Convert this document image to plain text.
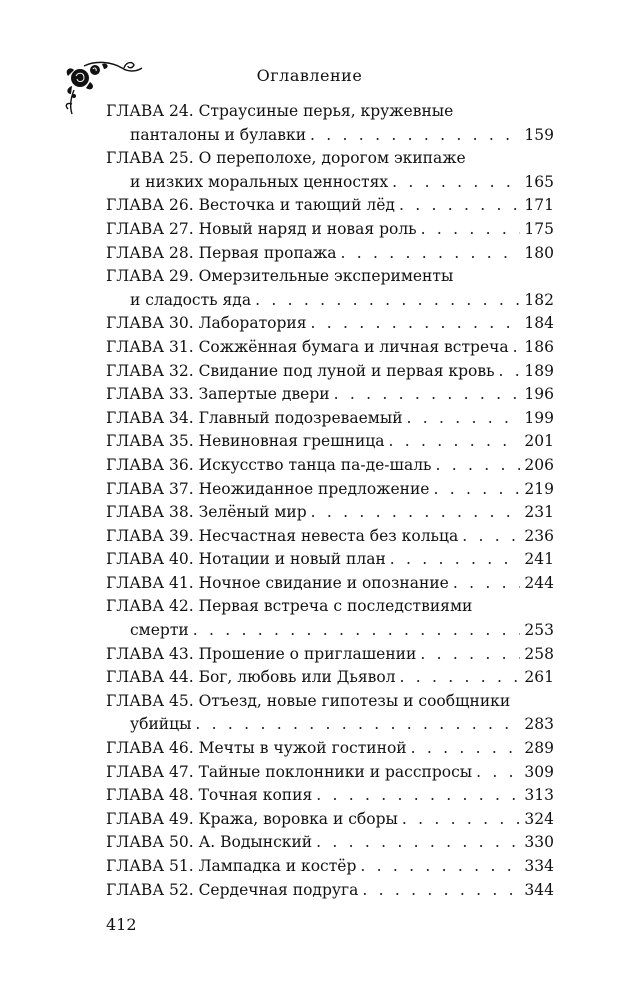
Оглавление
ГЛАВА 24. Страусиные перья, кружевные
панталоны и булавки . . .	159
ГЛАВА 25. О переполохе, дорогом экипаже
и низких моральных ценностях . . .	165
ГЛАВА 26. Весточка и тающий лёд . . .	171
ГЛАВА 27. Новый наряд и новая роль . . .	175
ГЛАВА 28. Первая пропажа . . .	180
ГЛАВА 29. Омерзительные эксперименты
и сладость яда . . .	182
ГЛАВА 30. Лаборатория . . .	184
ГЛАВА 31. Сожжённая бумага и личная встреча . . . 186
ГЛАВА 32. Свидание под луной и первая кровь . . . 189
ГЛАВА 33. Запертые двери . . .	196
ГЛАВА 34. Главный подозреваемый . . .	199
ГЛАВА 35. Невиновная грешница . . .	201
ГЛАВА 36. Искусство танца па-де-шаль . . .	206
ГЛАВА 37. Неожиданное предложение . . .	219
ГЛАВА 38. Зелёный мир . . .	231
ГЛАВА 39. Несчастная невеста без кольца . . .	236
ГЛАВА 40. Нотации и новый план . . .	241
ГЛАВА 41. Ночное свидание и опознание . . .	244
ГЛАВА 42. Первая встреча с последствиями
смерти . . .	253
ГЛАВА 43. Прошение о приглашении . . .	258
ГЛАВА 44. Бог, любовь или Дьявол . . .	261
ГЛАВА 45. Отъезд, новые гипотезы и сообщники
убийцы . . .	283
ГЛАВА 46. Мечты в чужой гостиной . . .	289
ГЛАВА 47. Тайные поклонники и расспросы . . .	309
ГЛАВА 48. Точная копия . . .	313
ГЛАВА 49. Кража, воровка и сборы . . .	324
ГЛАВА 50. А. Водынский . . .	330
ГЛАВА 51. Лампадка и костёр . . .	334
ГЛАВА 52. Сердечная подруга . . .	344
412
